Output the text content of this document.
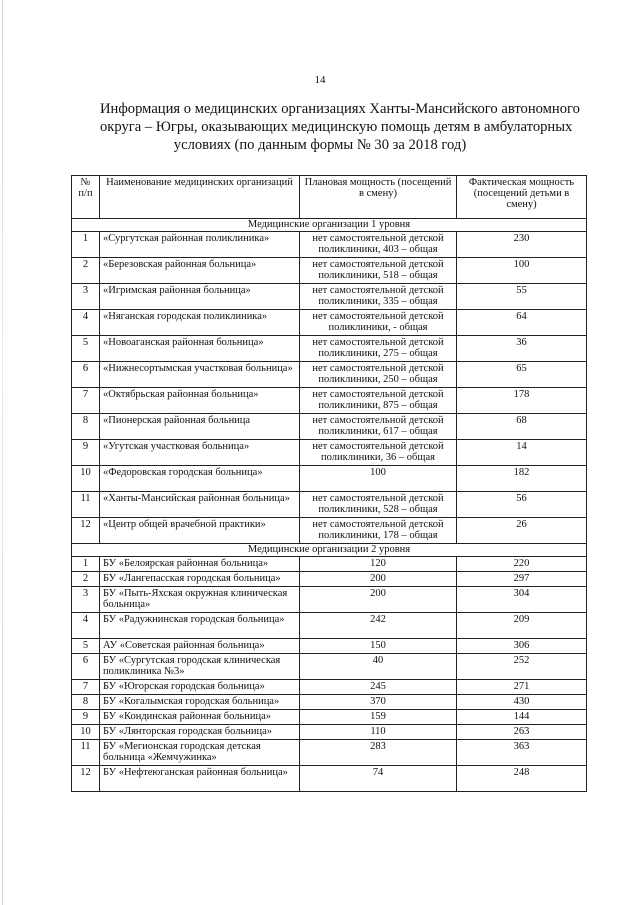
14
Информация о медицинских организациях Ханты-Мансийского автономного
округа – Югры, оказывающих медицинскую помощь детям в амбулаторных
условиях (по данным формы № 30 за 2018 год)
№ п/п	Наименование медицинских организаций	Плановая мощность (посещений в смену)	Фактическая мощность (посещений детьми в смену)
Медицинские организации 1 уровня			
1	«Сургутская районная поликлиника»	нет самостоятельной детской поликлиники, 403 – общая	230
2	«Березовская районная больница»	нет самостоятельной детской поликлиники, 518 – общая	100
3	«Игримская районная больница»	нет самостоятельной детской поликлиники, 335 – общая	55
4	«Няганская городская поликлиника»	нет самостоятельной детской поликлиники, - общая	64
5	«Новоаганская районная больница»	нет самостоятельной детской поликлиники, 275 – общая	36
6	«Нижнесортымская участковая больница»	нет самостоятельной детской поликлиники, 250 – общая	65
7	«Октябрьская районная больница»	нет самостоятельной детской поликлиники, 875 – общая	178
8	«Пионерская районная больница	нет самостоятельной детской поликлиники, 617 – общая	68
9	«Угутская участковая больница»	нет самостоятельной детской поликлиники, 36 – общая	14
10	«Федоровская городская больница»	100	182
11	«Ханты-Мансийская районная больница»	нет самостоятельной детской поликлиники, 528 – общая	56
12	«Центр общей врачебной практики»	нет самостоятельной детской поликлиники, 178 – общая	26
Медицинские организации 2 уровня			
1	БУ «Белоярская районная больница»	120	220
2	БУ «Лангепасская городская больница»	200	297
3	БУ «Пыть-Яхская окружная клиническая больница»	200	304
4	БУ «Радужнинская городская больница»	242	209
5	АУ «Советская районная больница»	150	306
6	БУ «Сургутская городская клиническая поликлиника №3»	40	252
7	БУ «Югорская городская больница»	245	271
8	БУ «Когалымская городская больница»	370	430
9	БУ «Кондинская районная больница»	159	144
10	БУ «Лянторская городская больница»	110	263
11	БУ «Мегионская городская детская больница «Жемчужинка»	283	363
12	БУ «Нефтеюганская районная больница»	74	248
